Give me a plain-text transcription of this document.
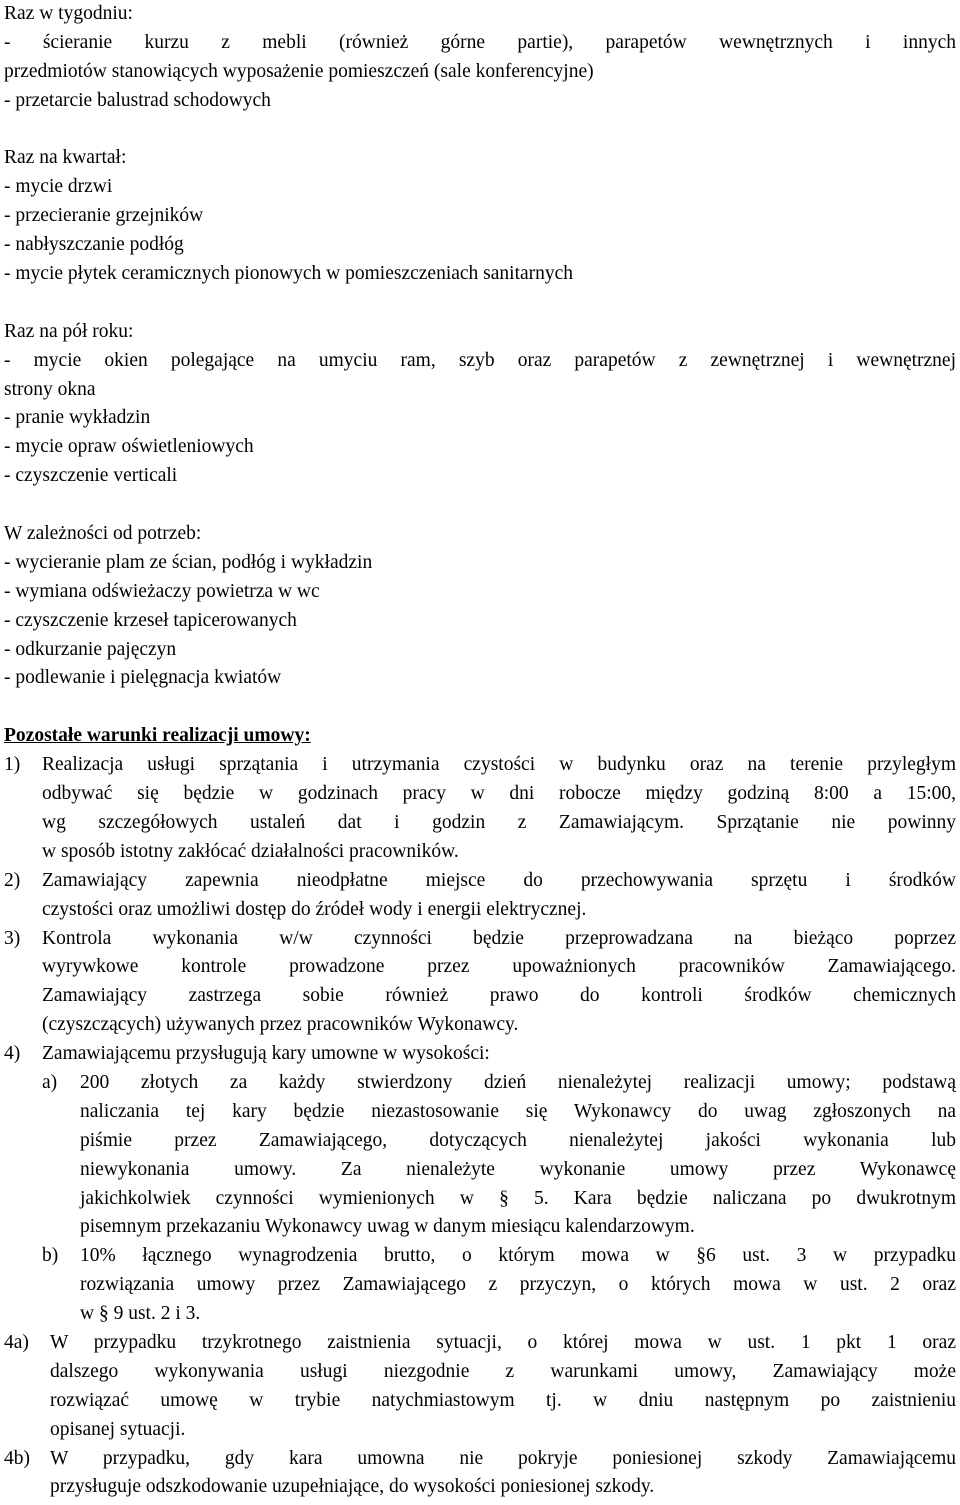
Raz w tygodniu:
- ścieranie kurzu z mebli (również górne partie), parapetów wewnętrznych i innych
przedmiotów stanowiących wyposażenie pomieszczeń (sale konferencyjne)
- przetarcie balustrad schodowych
Raz na kwartał:
- mycie drzwi
- przecieranie grzejników
- nabłyszczanie podłóg
- mycie płytek ceramicznych pionowych w pomieszczeniach sanitarnych
Raz na pół roku:
- mycie okien polegające na umyciu ram, szyb oraz parapetów z zewnętrznej i wewnętrznej
strony okna
- pranie wykładzin
- mycie opraw oświetleniowych
- czyszczenie verticali
W zależności od potrzeb:
- wycieranie plam ze ścian, podłóg i wykładzin
- wymiana odświeżaczy powietrza w wc
- czyszczenie krzeseł tapicerowanych
- odkurzanie pajęczyn
- podlewanie i pielęgnacja kwiatów
Pozostałe warunki realizacji umowy:
1)	Realizacja usługi sprzątania i utrzymania czystości w budynku oraz na terenie przyległym
odbywać się będzie w godzinach pracy w dni robocze między godziną 8:00 a 15:00,
wg szczegółowych ustaleń dat i godzin z Zamawiającym. Sprzątanie nie powinny
w sposób istotny zakłócać działalności pracowników.
2)	Zamawiający zapewnia nieodpłatne miejsce do przechowywania sprzętu i środków
czystości oraz umożliwi dostęp do źródeł wody i energii elektrycznej.
3)	Kontrola wykonania w/w czynności będzie przeprowadzana na bieżąco poprzez
wyrywkowe kontrole prowadzone przez upoważnionych pracowników Zamawiającego.
Zamawiający zastrzega sobie również prawo do kontroli środków chemicznych
(czyszczących) używanych przez pracowników Wykonawcy.
4)	Zamawiającemu przysługują kary umowne w wysokości:
a)	200 złotych za każdy stwierdzony dzień nienależytej realizacji umowy; podstawą
naliczania tej kary będzie niezastosowanie się Wykonawcy do uwag zgłoszonych na
piśmie przez Zamawiającego, dotyczących nienależytej jakości wykonania lub
niewykonania umowy. Za nienależyte wykonanie umowy przez Wykonawcę
jakichkolwiek czynności wymienionych w § 5. Kara będzie naliczana po dwukrotnym
pisemnym przekazaniu Wykonawcy uwag w danym miesiącu kalendarzowym.
b)	10% łącznego wynagrodzenia brutto, o którym mowa w §6 ust. 3 w przypadku
rozwiązania umowy przez Zamawiającego z przyczyn, o których mowa w ust. 2 oraz
w § 9 ust. 2 i 3.
4a)	W przypadku trzykrotnego zaistnienia sytuacji, o której mowa w ust. 1 pkt 1 oraz
dalszego wykonywania usługi niezgodnie z warunkami umowy, Zamawiający może
rozwiązać umowę w trybie natychmiastowym tj. w dniu następnym po zaistnieniu
opisanej sytuacji.
4b)	W przypadku, gdy kara umowna nie pokryje poniesionej szkody Zamawiającemu
przysługuje odszkodowanie uzupełniające, do wysokości poniesionej szkody.
